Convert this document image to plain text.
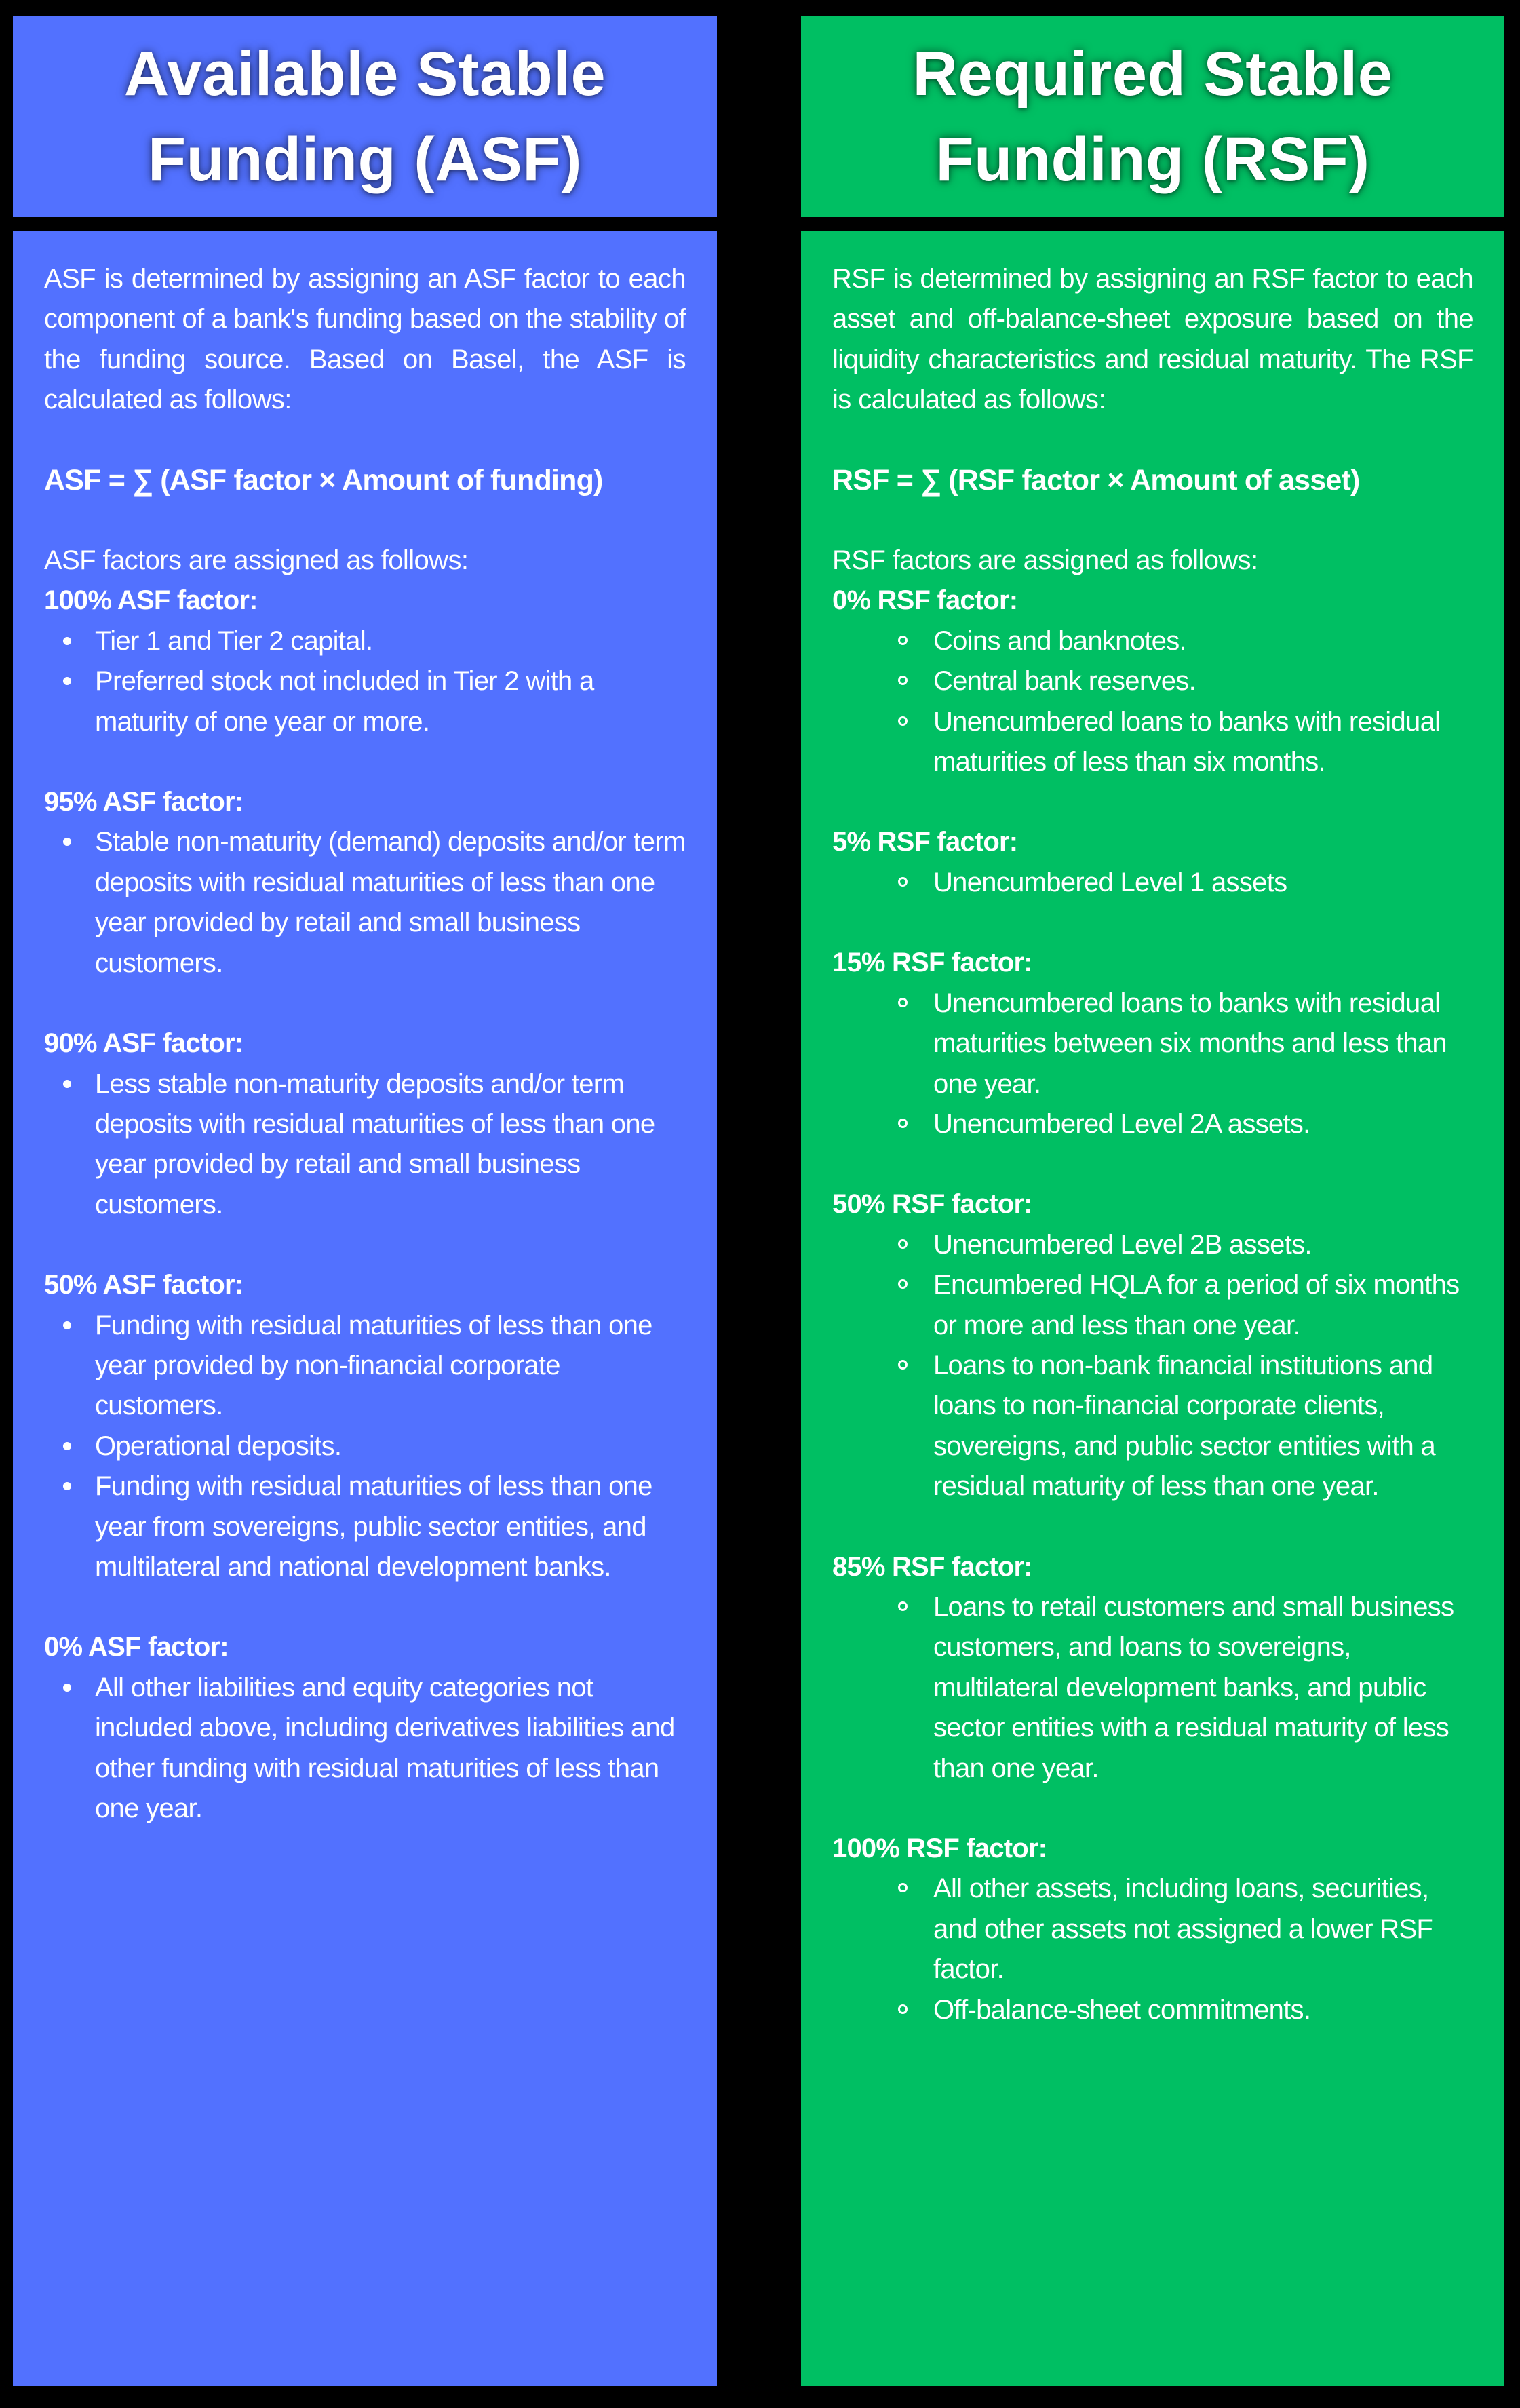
Available Stable Funding (ASF)
Required Stable Funding (RSF)

ASF is determined by assigning an ASF factor to each component of a bank's funding based on the stability of the funding source. Based on Basel, the ASF is calculated as follows:

ASF = ∑ (ASF factor × Amount of funding)

ASF factors are assigned as follows:

100% ASF factor:
Tier 1 and Tier 2 capital.
Preferred stock not included in Tier 2 with a maturity of one year or more.
95% ASF factor:
Stable non-maturity (demand) deposits and/or term deposits with residual maturities of less than one year provided by retail and small business customers.
90% ASF factor:
Less stable non-maturity deposits and/or term deposits with residual maturities of less than one year provided by retail and small business customers.
50% ASF factor:
Funding with residual maturities of less than one year provided by non-financial corporate customers.
Operational deposits.
Funding with residual maturities of less than one year from sovereigns, public sector entities, and multilateral and national development banks.
0% ASF factor:
All other liabilities and equity categories not included above, including derivatives liabilities and other funding with residual maturities of less than one year.

RSF is determined by assigning an RSF factor to each asset and off-balance-sheet exposure based on the liquidity characteristics and residual maturity. The RSF is calculated as follows:

RSF = ∑ (RSF factor × Amount of asset)

RSF factors are assigned as follows:

0% RSF factor:
Coins and banknotes.
Central bank reserves.
Unencumbered loans to banks with residual maturities of less than six months.
5% RSF factor:
Unencumbered Level 1 assets
15% RSF factor:
Unencumbered loans to banks with residual maturities between six months and less than one year.
Unencumbered Level 2A assets.
50% RSF factor:
Unencumbered Level 2B assets.
Encumbered HQLA for a period of six months or more and less than one year.
Loans to non-bank financial institutions and loans to non-financial corporate clients, sovereigns, and public sector entities with a residual maturity of less than one year.
85% RSF factor:
Loans to retail customers and small business customers, and loans to sovereigns, multilateral development banks, and public sector entities with a residual maturity of less than one year.
100% RSF factor:
All other assets, including loans, securities, and other assets not assigned a lower RSF factor.
Off-balance-sheet commitments.
